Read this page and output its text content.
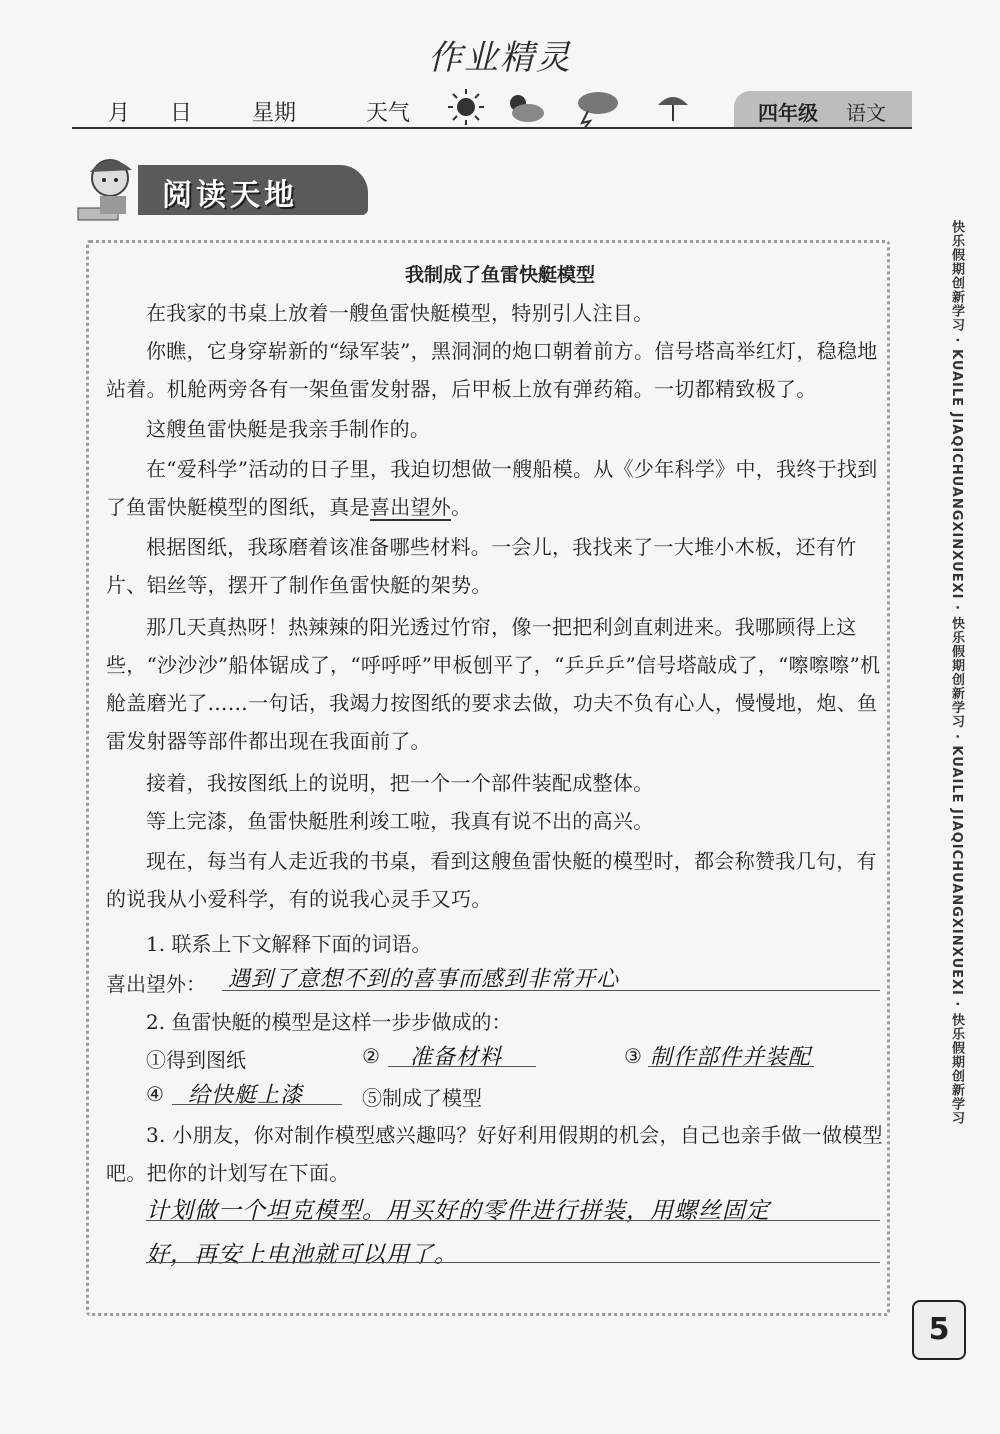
作业精灵
月 日	星期	天气	四年级 语文
阅读天地
我制成了鱼雷快艇模型
在我家的书桌上放着一艘鱼雷快艇模型，特别引人注目。
你瞧，它身穿崭新的“绿军装”，黑洞洞的炮口朝着前方。信号塔高举红灯，稳稳地站着。机舱两旁各有一架鱼雷发射器，后甲板上放有弹药箱。一切都精致极了。
这艘鱼雷快艇是我亲手制作的。
在“爱科学”活动的日子里，我迫切想做一艘船模。从《少年科学》中，我终于找到了鱼雷快艇模型的图纸，真是喜出望外。
根据图纸，我琢磨着该准备哪些材料。一会儿，我找来了一大堆小木板，还有竹片、铝丝等，摆开了制作鱼雷快艇的架势。
那几天真热呀！热辣辣的阳光透过竹帘，像一把把利剑直刺进来。我哪顾得上这些，“沙沙沙”船体锯成了，“呼呼呼”甲板刨平了，“乒乒乒”信号塔敲成了，“嚓嚓嚓”机舱盖磨光了……一句话，我竭力按图纸的要求去做，功夫不负有心人，慢慢地，炮、鱼雷发射器等部件都出现在我面前了。
接着，我按图纸上的说明，把一个一个部件装配成整体。
等上完漆，鱼雷快艇胜利竣工啦，我真有说不出的高兴。
现在，每当有人走近我的书桌，看到这艘鱼雷快艇的模型时，都会称赞我几句，有的说我从小爱科学，有的说我心灵手又巧。
1. 联系上下文解释下面的词语。
喜出望外： 遇到了意想不到的喜事而感到非常开心
2. 鱼雷快艇的模型是这样一步步做成的：
①得到图纸	② 准备材料	③ 制作部件并装配
④ 给快艇上漆	⑤制成了模型
3. 小朋友，你对制作模型感兴趣吗？好好利用假期的机会，自己也亲手做一做模型吧。把你的计划写在下面。
计划做一个坦克模型。用买好的零件进行拼装，用螺丝固定
好，再安上电池就可以用了。
快乐假期创新学习 · KUAILE JIAQICHUANGXINXUEXI · 快乐假期创新学习 · KUAILE JIAQICHUANGXINXUEXI · 快乐假期创新学习
5
